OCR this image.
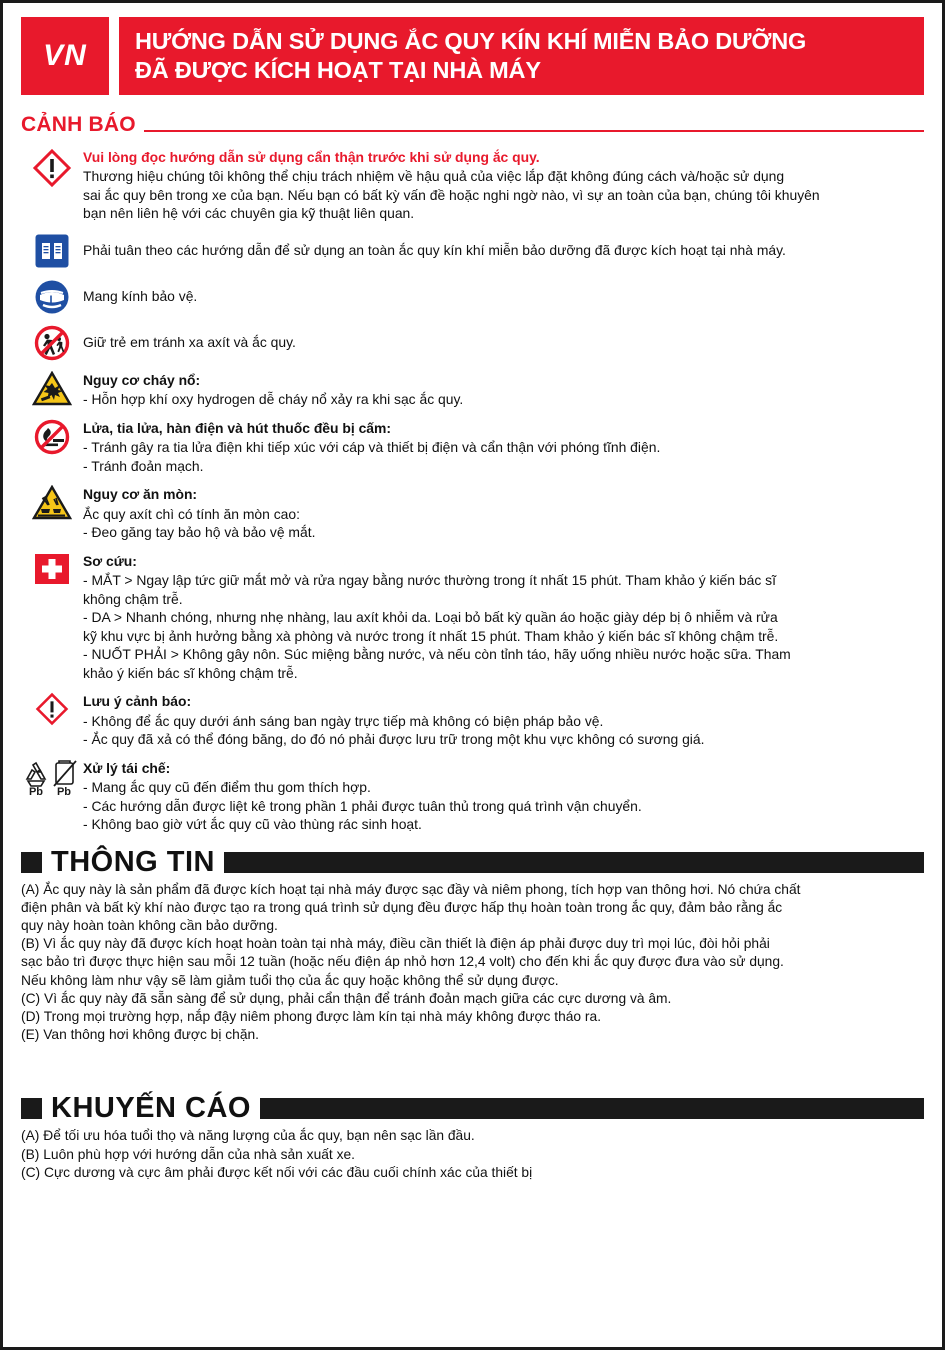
VN	HƯỚNG DẪN SỬ DỤNG ẮC QUY KÍN KHÍ MIỄN BẢO DƯỠNG
ĐÃ ĐƯỢC KÍCH HOẠT TẠI NHÀ MÁY
CẢNH BÁO
Vui lòng đọc hướng dẫn sử dụng cẩn thận trước khi sử dụng ắc quy.

Thương hiệu chúng tôi không thể chịu trách nhiệm về hậu quả của việc lắp đặt không đúng cách và/hoặc sử dụng

sai ắc quy bên trong xe của bạn. Nếu bạn có bất kỳ vấn đề hoặc nghi ngờ nào, vì sự an toàn của bạn, chúng tôi khuyên

bạn nên liên hệ với các chuyên gia kỹ thuật liên quan.

Phải tuân theo các hướng dẫn để sử dụng an toàn ắc quy kín khí miễn bảo dưỡng đã được kích hoạt tại nhà máy.

Mang kính bảo vệ.

Giữ trẻ em tránh xa axít và ắc quy.

Nguy cơ cháy nổ:

- Hỗn hợp khí oxy hydrogen dễ cháy nổ xảy ra khi sạc ắc quy.

Lửa, tia lửa, hàn điện và hút thuốc đều bị cấm:

- Tránh gây ra tia lửa điện khi tiếp xúc với cáp và thiết bị điện và cẩn thận với phóng tĩnh điện.

- Tránh đoản mạch.

Nguy cơ ăn mòn:

Ắc quy axít chì có tính ăn mòn cao:

- Đeo găng tay bảo hộ và bảo vệ mắt.

Sơ cứu:

- MẮT > Ngay lập tức giữ mắt mở và rửa ngay bằng nước thường trong ít nhất 15 phút. Tham khảo ý kiến bác sĩ

không chậm trễ.

- DA > Nhanh chóng, nhưng nhẹ nhàng, lau axít khỏi da. Loại bỏ bất kỳ quần áo hoặc giày dép bị ô nhiễm và rửa

kỹ khu vực bị ảnh hưởng bằng xà phòng và nước trong ít nhất 15 phút. Tham khảo ý kiến bác sĩ không chậm trễ.

- NUỐT PHẢI > Không gây nôn. Súc miệng bằng nước, và nếu còn tỉnh táo, hãy uống nhiều nước hoặc sữa. Tham

khảo ý kiến bác sĩ không chậm trễ.

Lưu ý cảnh báo:

- Không để ắc quy dưới ánh sáng ban ngày trực tiếp mà không có biện pháp bảo vệ.

- Ắc quy đã xả có thể đóng băng, do đó nó phải được lưu trữ trong một khu vực không có sương giá.

Pb Pb
Xử lý tái chế:

- Mang ắc quy cũ đến điểm thu gom thích hợp.

- Các hướng dẫn được liệt kê trong phần 1 phải được tuân thủ trong quá trình vận chuyển.

- Không bao giờ vứt ắc quy cũ vào thùng rác sinh hoạt.

THÔNG TIN

(A) Ắc quy này là sản phẩm đã được kích hoạt tại nhà máy được sạc đầy và niêm phong, tích hợp van thông hơi. Nó chứa chất

điện phân và bất kỳ khí nào được tạo ra trong quá trình sử dụng đều được hấp thụ hoàn toàn trong ắc quy, đảm bảo rằng ắc

quy này hoàn toàn không cần bảo dưỡng.

(B) Vì ắc quy này đã được kích hoạt hoàn toàn tại nhà máy, điều cần thiết là điện áp phải được duy trì mọi lúc, đòi hỏi phải

sạc bảo trì được thực hiện sau mỗi 12 tuần (hoặc nếu điện áp nhỏ hơn 12,4 volt) cho đến khi ắc quy được đưa vào sử dụng.

Nếu không làm như vậy sẽ làm giảm tuổi thọ của ắc quy hoặc không thể sử dụng được.

(C) Vì ắc quy này đã sẵn sàng để sử dụng, phải cẩn thận để tránh đoản mạch giữa các cực dương và âm.

(D) Trong mọi trường hợp, nắp đậy niêm phong được làm kín tại nhà máy không được tháo ra.

(E) Van thông hơi không được bị chặn.

KHUYẾN CÁO

(A) Để tối ưu hóa tuổi thọ và năng lượng của ắc quy, bạn nên sạc lần đầu.

(B) Luôn phù hợp với hướng dẫn của nhà sản xuất xe.

(C) Cực dương và cực âm phải được kết nối với các đầu cuối chính xác của thiết bị
